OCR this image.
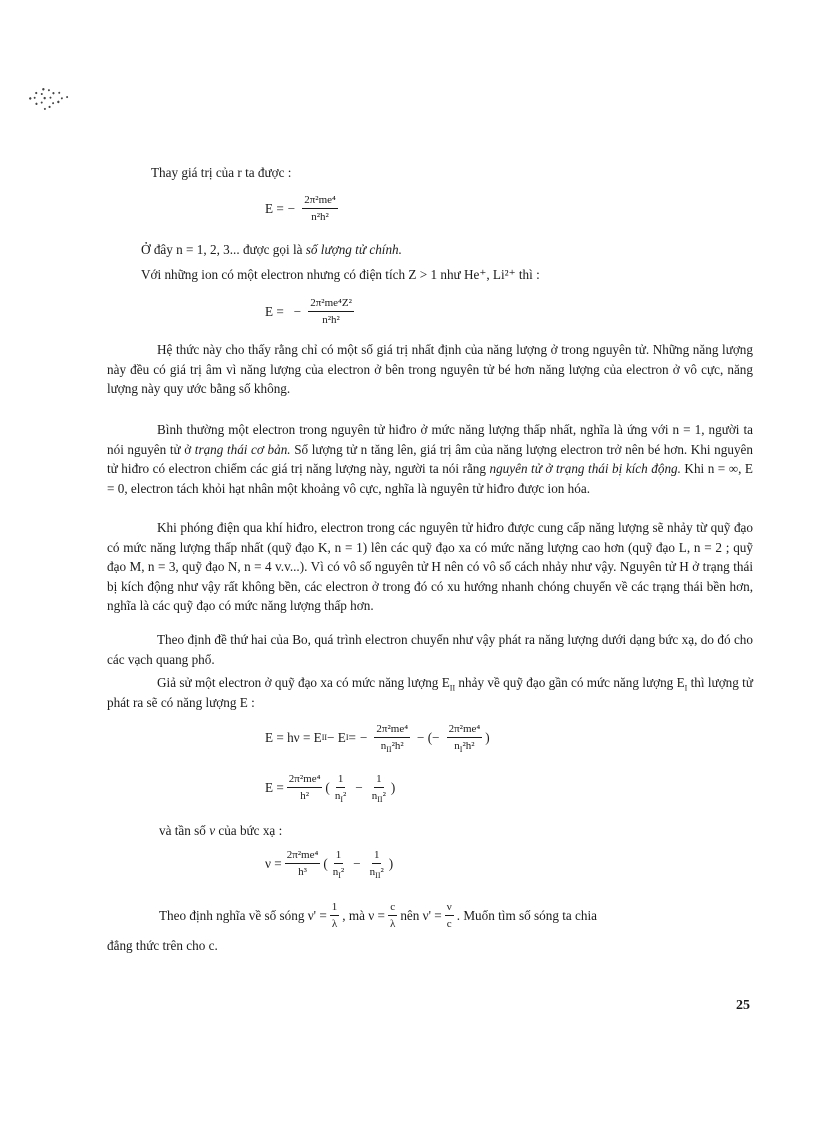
Thay giá trị của r ta được :

E = − $\frac{\text{2π²me⁴}}{\text{n²h²}}$

Ở đây n = 1, 2, 3... được gọi là số lượng tử chính.

Với những ion có một electron nhưng có điện tích Z > 1 như He⁺, Li²⁺ thì :

E = − $\frac{\text{2π²me⁴Z²}}{\text{n²h²}}$

Hệ thức này cho thấy rằng chỉ có một số giá trị nhất định của năng lượng ở trong nguyên tử. Những năng lượng này đều có giá trị âm vì năng lượng của electron ở bên trong nguyên tử bé hơn năng lượng của electron ở vô cực, năng lượng này quy ước bằng số không.

Bình thường một electron trong nguyên tử hiđro ở mức năng lượng thấp nhất, nghĩa là ứng với n = 1, người ta nói nguyên tử ở trạng thái cơ bản. Số lượng tử n tăng lên, giá trị âm của năng lượng electron trở nên bé hơn. Khi nguyên tử hiđro có electron chiếm các giá trị năng lượng này, người ta nói rằng nguyên tử ở trạng thái bị kích động. Khi n = ∞, E = 0, electron tách khỏi hạt nhân một khoảng vô cực, nghĩa là nguyên tử hiđro được ion hóa.

Khi phóng điện qua khí hiđro, electron trong các nguyên tử hiđro được cung cấp năng lượng sẽ nhảy từ quỹ đạo có mức năng lượng thấp nhất (quỹ đạo K, n = 1) lên các quỹ đạo xa có mức năng lượng cao hơn (quỹ đạo L, n = 2 ; quỹ đạo M, n = 3, quỹ đạo N, n = 4 v.v...). Vì có vô số nguyên tử H nên có vô số cách nhảy như vậy. Nguyên tử H ở trạng thái bị kích động như vậy rất không bền, các electron ở trong đó có xu hướng nhanh chóng chuyển về các trạng thái bền hơn, nghĩa là các quỹ đạo có mức năng lượng thấp hơn.

Theo định đề thứ hai của Bo, quá trình electron chuyển như vậy phát ra năng lượng dưới dạng bức xạ, do đó cho các vạch quang phổ.

Giả sử một electron ở quỹ đạo xa có mức năng lượng $E_{II}$ nhảy về quỹ đạo gần có mức năng lượng $E_I$ thì lượng tử phát ra sẽ có năng lượng E :

E = hν = E II − E I = − $\frac{\text{2π²me⁴}}{n_{II}^2h^2}$ − (− $\frac{\text{2π²me⁴}}{n_I^2h^2}$ )
$E = \frac{\text{2π²me⁴}}{\text{h²}}$ ( $\frac{1}{n_I^2} - \frac{1}{n_{II}^2}$ )

và tần số ν của bức xạ :

$\nu = \frac{\text{2π²me⁴}}{\text{h³}}$ ( $\frac{1}{n_I^2} - \frac{1}{n_{II}^2}$ )
Theo định nghĩa về số sóng $\nu' = \frac{1}{\lambda}$ , mà $\nu = \frac{c}{\lambda}$ nên $\nu' = \frac{\nu}{c}$ . Muốn tìm số sóng ta chia

đẳng thức trên cho c.

25
